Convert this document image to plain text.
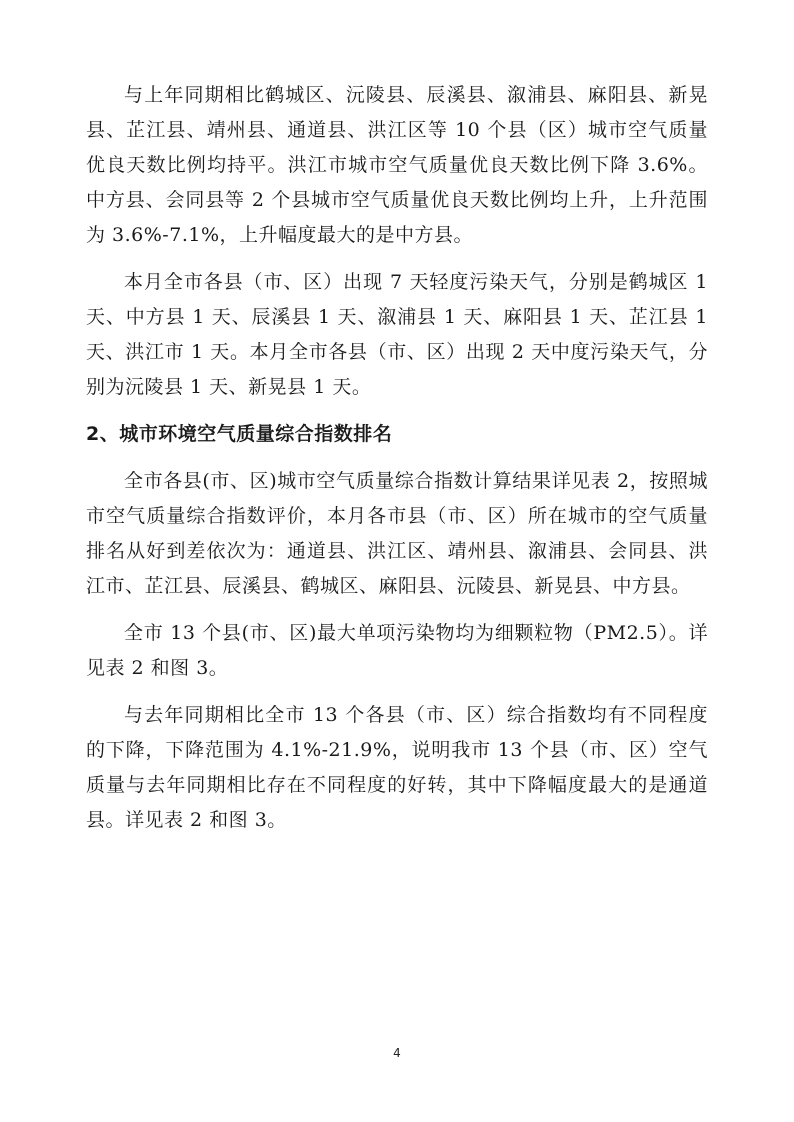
与上年同期相比鹤城区、沅陵县、辰溪县、溆浦县、麻阳县、新晃县、芷江县、靖州县、通道县、洪江区等 10 个县（区）城市空气质量优良天数比例均持平。洪江市城市空气质量优良天数比例下降 3.6%。中方县、会同县等 2 个县城市空气质量优良天数比例均上升，上升范围为 3.6%-7.1%，上升幅度最大的是中方县。

本月全市各县（市、区）出现 7 天轻度污染天气，分别是鹤城区 1 天、中方县 1 天、辰溪县 1 天、溆浦县 1 天、麻阳县 1 天、芷江县 1 天、洪江市 1 天。本月全市各县（市、区）出现 2 天中度污染天气，分别为沅陵县 1 天、新晃县 1 天。

2、城市环境空气质量综合指数排名

全市各县(市、区)城市空气质量综合指数计算结果详见表 2，按照城市空气质量综合指数评价，本月各市县（市、区）所在城市的空气质量排名从好到差依次为：通道县、洪江区、靖州县、溆浦县、会同县、洪江市、芷江县、辰溪县、鹤城区、麻阳县、沅陵县、新晃县、中方县。

全市 13 个县(市、区)最大单项污染物均为细颗粒物（PM2.5）。详见表 2 和图 3。

与去年同期相比全市 13 个各县（市、区）综合指数均有不同程度的下降，下降范围为 4.1%-21.9%，说明我市 13 个县（市、区）空气质量与去年同期相比存在不同程度的好转，其中下降幅度最大的是通道县。详见表 2 和图 3。

4
